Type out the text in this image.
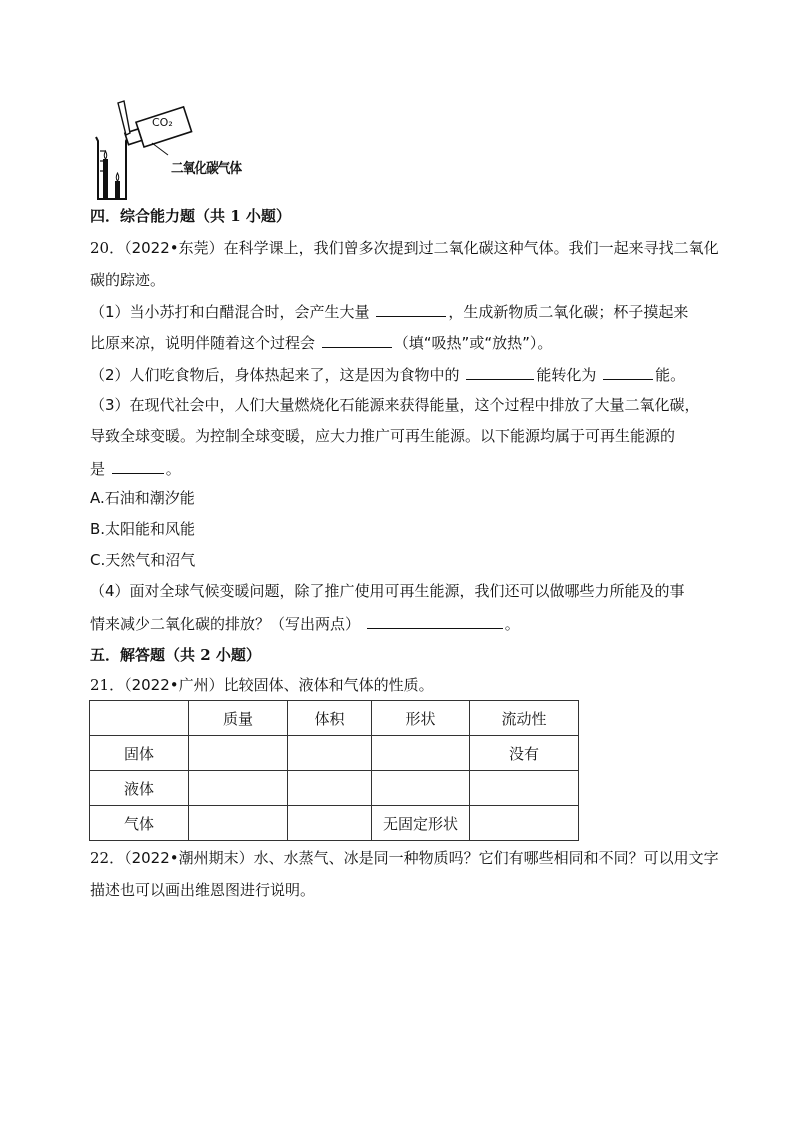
CO₂
二氧化碳气体
四．综合能力题（共 1 小题）
20．（2022•东莞）在科学课上，我们曾多次提到过二氧化碳这种气体。我们一起来寻找二氧化
碳的踪迹。
（1）当小苏打和白醋混合时，会产生大量	，生成新物质二氧化碳；杯子摸起来
比原来凉，说明伴随着这个过程会	（填“吸热”或“放热”）。
（2）人们吃食物后，身体热起来了，这是因为食物中的	能转化为	能。
（3）在现代社会中，人们大量燃烧化石能源来获得能量，这个过程中排放了大量二氧化碳，
导致全球变暖。为控制全球变暖，应大力推广可再生能源。以下能源均属于可再生能源的
是	。
A.石油和潮汐能
B.太阳能和风能
C.天然气和沼气
（4）面对全球气候变暖问题，除了推广使用可再生能源，我们还可以做哪些力所能及的事
情来减少二氧化碳的排放？（写出两点）	。
五．解答题（共 2 小题）
21．（2022•广州）比较固体、液体和气体的性质。
	质量	体积	形状	流动性
固体				没有
液体				
气体			无固定形状	
22．（2022•潮州期末）水、水蒸气、冰是同一种物质吗？它们有哪些相同和不同？可以用文字
描述也可以画出维恩图进行说明。
